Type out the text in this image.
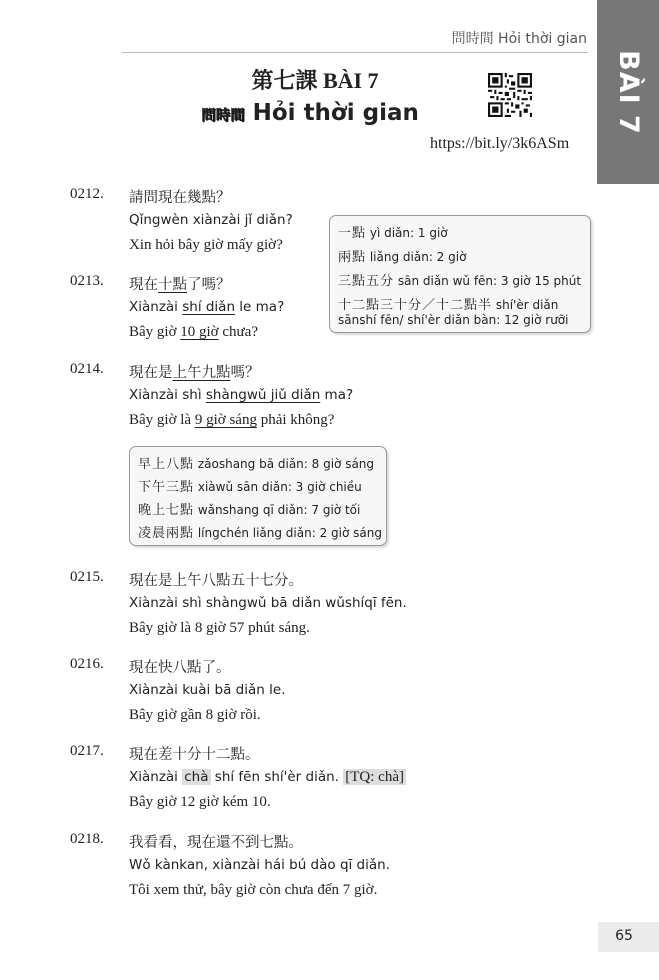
問時間 Hỏi thời gian
BÀI 7
第七課 BÀI 7
問時間 Hỏi thời gian
https://bit.ly/3k6ASm
0212.	請問現在幾點？
Qǐngwèn xiànzài jǐ diǎn?
Xin hỏi bây giờ mấy giờ?
一點 yì diǎn: 1 giờ
兩點 liǎng diǎn: 2 giờ
三點五分 sān diǎn wǔ fēn: 3 giờ 15 phút
十二點三十分／十二點半 shí'èr diǎn
sānshí fēn/ shí'èr diǎn bàn: 12 giờ rưỡi
0213.	現在十點了嗎？
Xiànzài shí diǎn le ma?
Bây giờ 10 giờ chưa?
0214.	現在是上午九點嗎？
Xiànzài shì shàngwǔ jiǔ diǎn ma?
Bây giờ là 9 giờ sáng phải không?
早上八點 zǎoshang bā diǎn: 8 giờ sáng
下午三點 xiàwǔ sān diǎn: 3 giờ chiều
晚上七點 wǎnshang qī diǎn: 7 giờ tối
凌晨兩點 língchén liǎng diǎn: 2 giờ sáng
0215.	現在是上午八點五十七分。
Xiànzài shì shàngwǔ bā diǎn wǔshíqī fēn.
Bây giờ là 8 giờ 57 phút sáng.
0216.	現在快八點了。
Xiànzài kuài bā diǎn le.
Bây giờ gần 8 giờ rồi.
0217.	現在差十分十二點。
Xiànzài chà shí fēn shí'èr diǎn. [TQ: chà]
Bây giờ 12 giờ kém 10.
0218.	我看看，現在還不到七點。
Wǒ kànkan, xiànzài hái bú dào qī diǎn.
Tôi xem thử, bây giờ còn chưa đến 7 giờ.
65
